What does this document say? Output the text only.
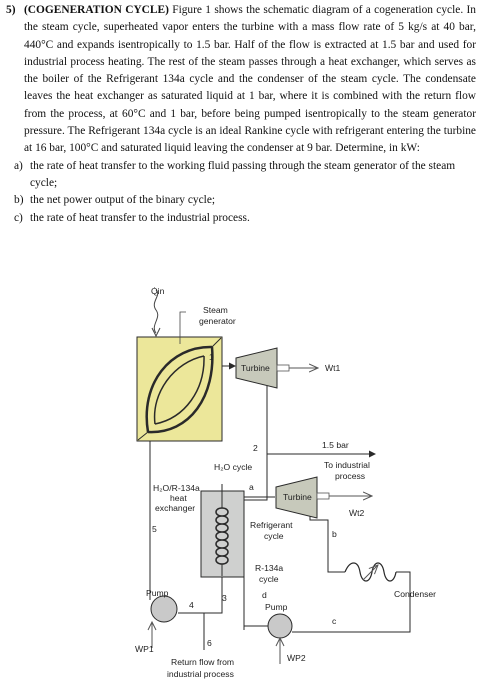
5) (COGENERATION CYCLE) Figure 1 shows the schematic diagram of a cogeneration cycle. In the steam cycle, superheated vapor enters the turbine with a mass flow rate of 5 kg/s at 40 bar, 440°C and expands isentropically to 1.5 bar. Half of the flow is extracted at 1.5 bar and used for industrial process heating. The rest of the steam passes through a heat exchanger, which serves as the boiler of the Refrigerant 134a cycle and the condenser of the steam cycle. The condensate leaves the heat exchanger as saturated liquid at 1 bar, where it is combined with the return flow from the process, at 60°C and 1 bar, before being pumped isentropically to the steam generator pressure. The Refrigerant 134a cycle is an ideal Rankine cycle with refrigerant entering the turbine at 16 bar, 100°C and saturated liquid leaving the condenser at 9 bar. Determine, in kW:
a) the rate of heat transfer to the working fluid passing through the steam generator of the steam cycle;
b) the net power output of the binary cycle;
c) the rate of heat transfer to the industrial process.
Q̇in
Steam
generator
1
Turbine	Ẇt1
2	1.5 bar
To industrial
process
H₂O cycle
H₂O/R-134a
heat
exchanger
a
Turbine
Ẇt2
b
Refrigerant
cycle
R-134a
cycle
Condenser
c
Pump
ẆP2
d
5
3
Pump
ẆP1
4
6
Return flow from
industrial process
